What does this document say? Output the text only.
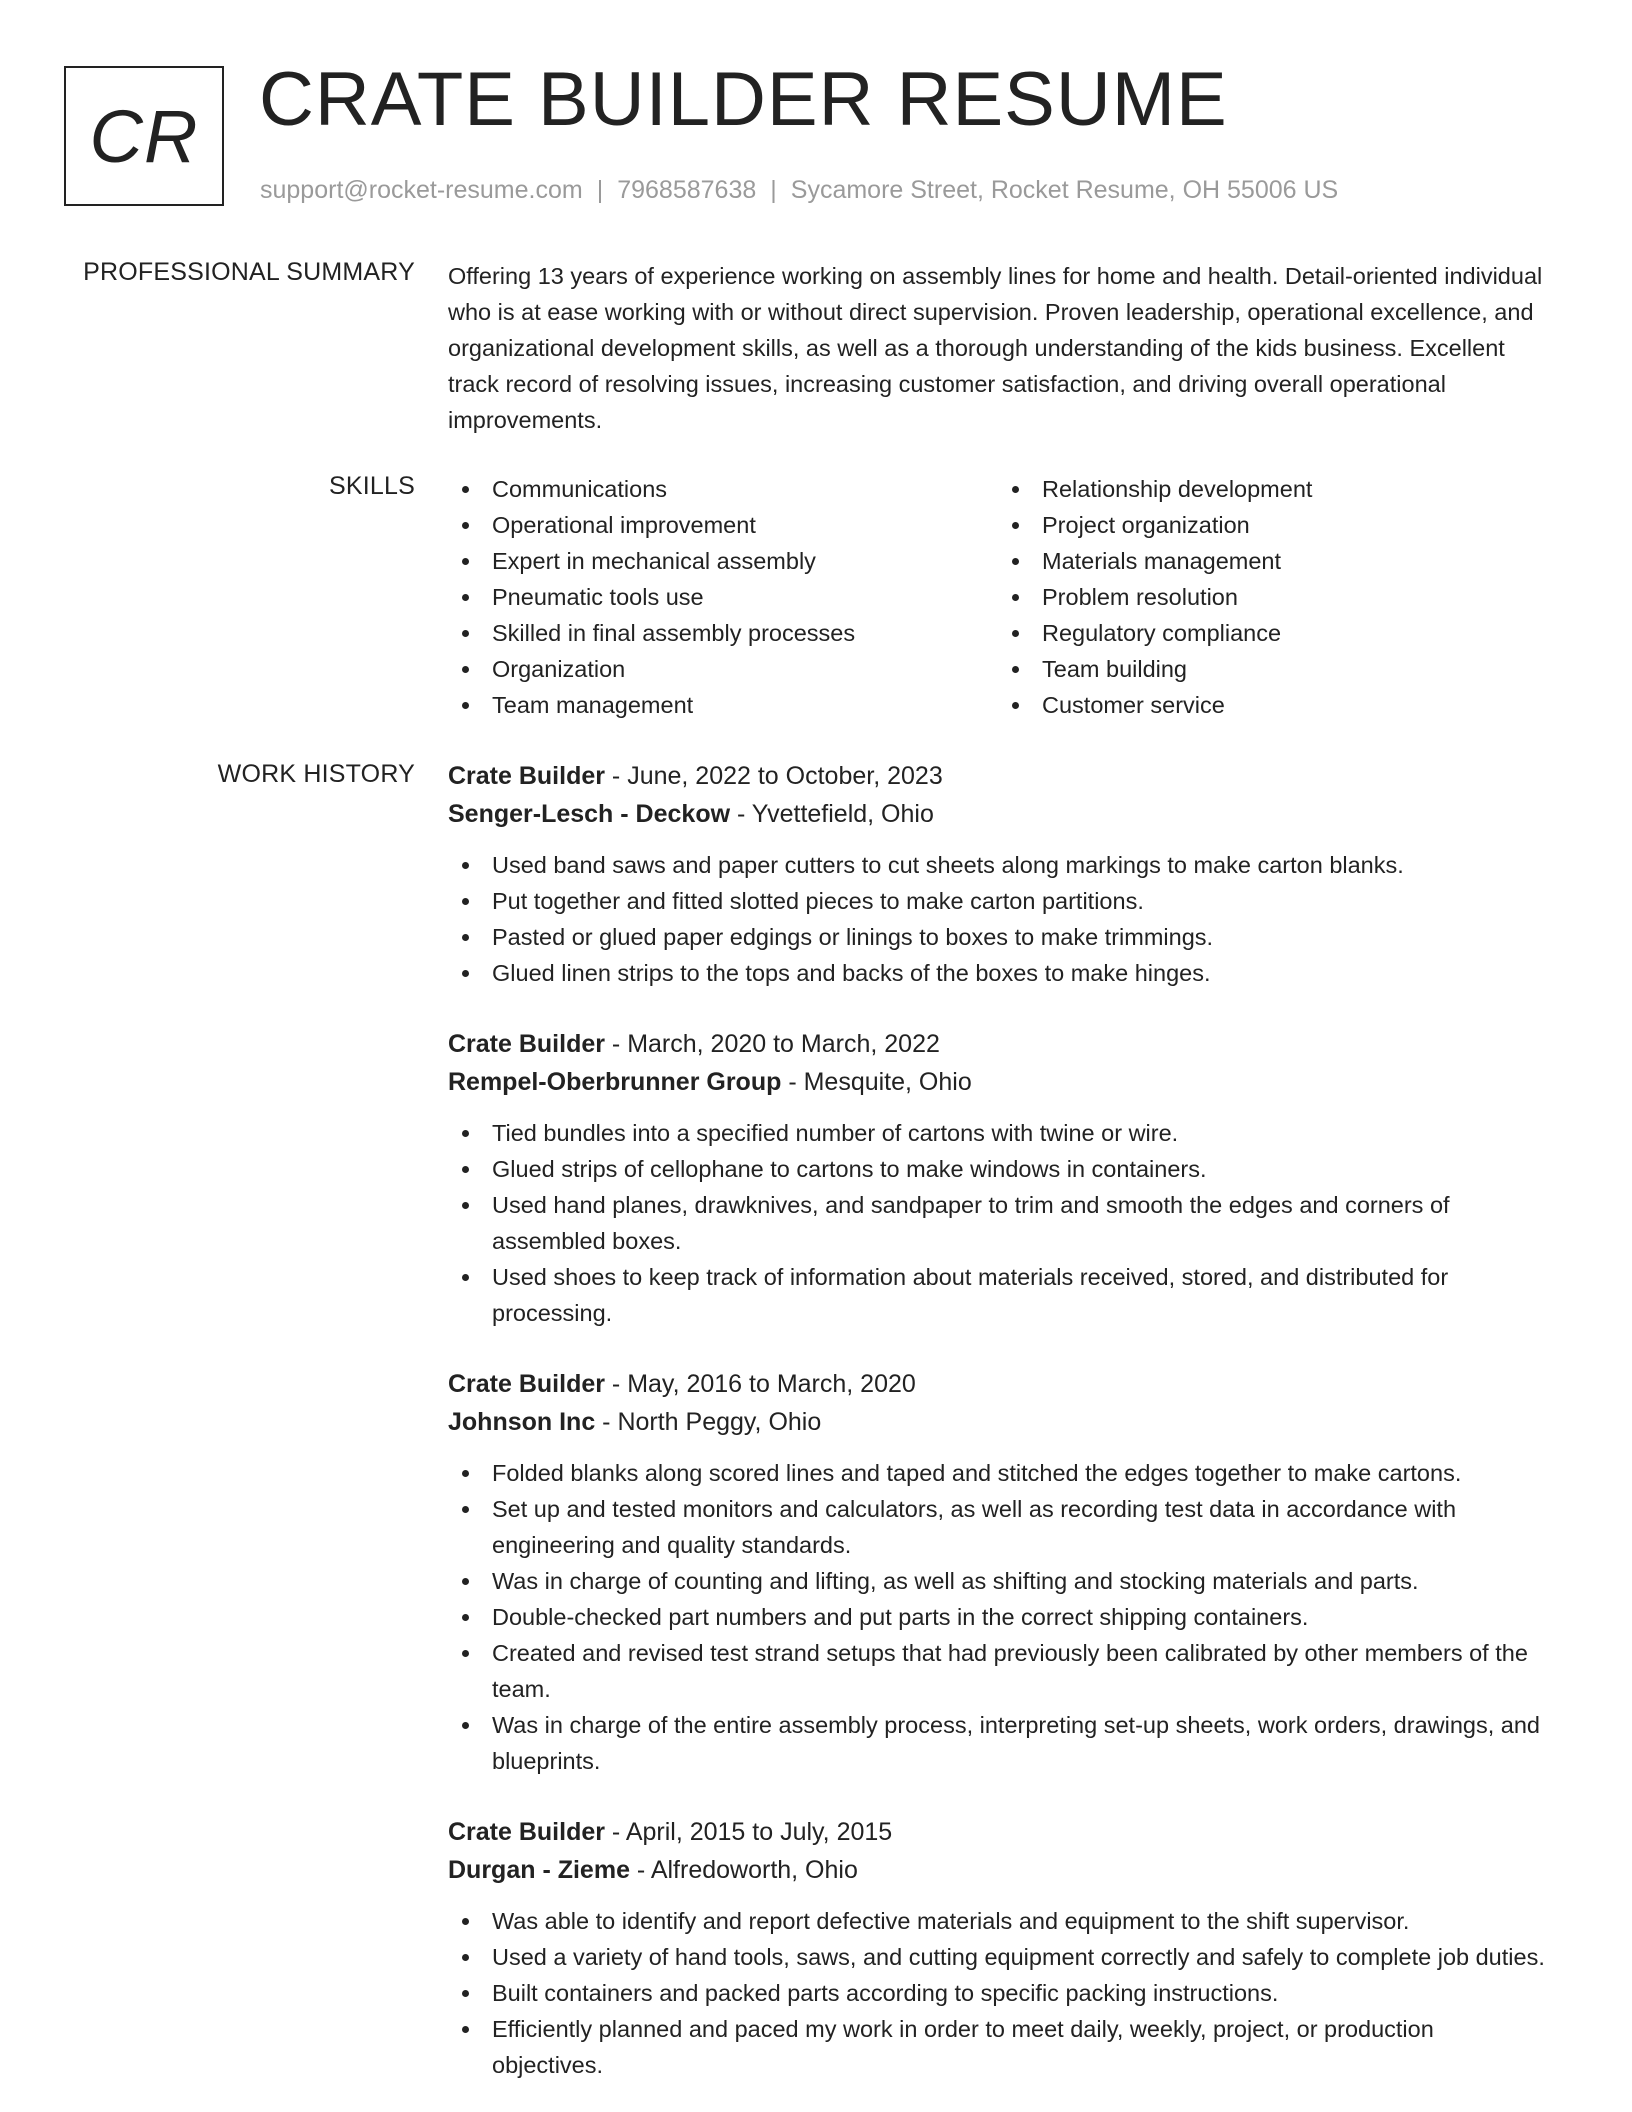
CR CRATE BUILDER RESUME
support@rocket-resume.com | 7968587638 | Sycamore Street, Rocket Resume, OH 55006 US
PROFESSIONAL SUMMARY Offering 13 years of experience working on assembly lines for home and health. Detail-oriented individual who is at ease working with or without direct supervision. Proven leadership, operational excellence, and organizational development skills, as well as a thorough understanding of the kids business. Excellent track record of resolving issues, increasing customer satisfaction, and driving overall operational improvements.

SKILLS	Communications
Operational improvement
Expert in mechanical assembly
Pneumatic tools use
Skilled in final assembly processes
Organization
Team management
Relationship development
Project organization
Materials management
Problem resolution
Regulatory compliance
Team building
Customer service
WORK HISTORY Crate Builder - June, 2022 to October, 2023
Senger-Lesch - Deckow - Yvettefield, Ohio
Used band saws and paper cutters to cut sheets along markings to make carton blanks.
Put together and fitted slotted pieces to make carton partitions.
Pasted or glued paper edgings or linings to boxes to make trimmings.
Glued linen strips to the tops and backs of the boxes to make hinges.
Crate Builder - March, 2020 to March, 2022
Rempel-Oberbrunner Group - Mesquite, Ohio
Tied bundles into a specified number of cartons with twine or wire.
Glued strips of cellophane to cartons to make windows in containers.
Used hand planes, drawknives, and sandpaper to trim and smooth the edges and corners of assembled boxes.
Used shoes to keep track of information about materials received, stored, and distributed for processing.
Crate Builder - May, 2016 to March, 2020
Johnson Inc - North Peggy, Ohio
Folded blanks along scored lines and taped and stitched the edges together to make cartons.
Set up and tested monitors and calculators, as well as recording test data in accordance with engineering and quality standards.
Was in charge of counting and lifting, as well as shifting and stocking materials and parts.
Double-checked part numbers and put parts in the correct shipping containers.
Created and revised test strand setups that had previously been calibrated by other members of the team.
Was in charge of the entire assembly process, interpreting set-up sheets, work orders, drawings, and blueprints.
Crate Builder - April, 2015 to July, 2015
Durgan - Zieme - Alfredoworth, Ohio
Was able to identify and report defective materials and equipment to the shift supervisor.
Used a variety of hand tools, saws, and cutting equipment correctly and safely to complete job duties.
Built containers and packed parts according to specific packing instructions.
Efficiently planned and paced my work in order to meet daily, weekly, project, or production objectives.
